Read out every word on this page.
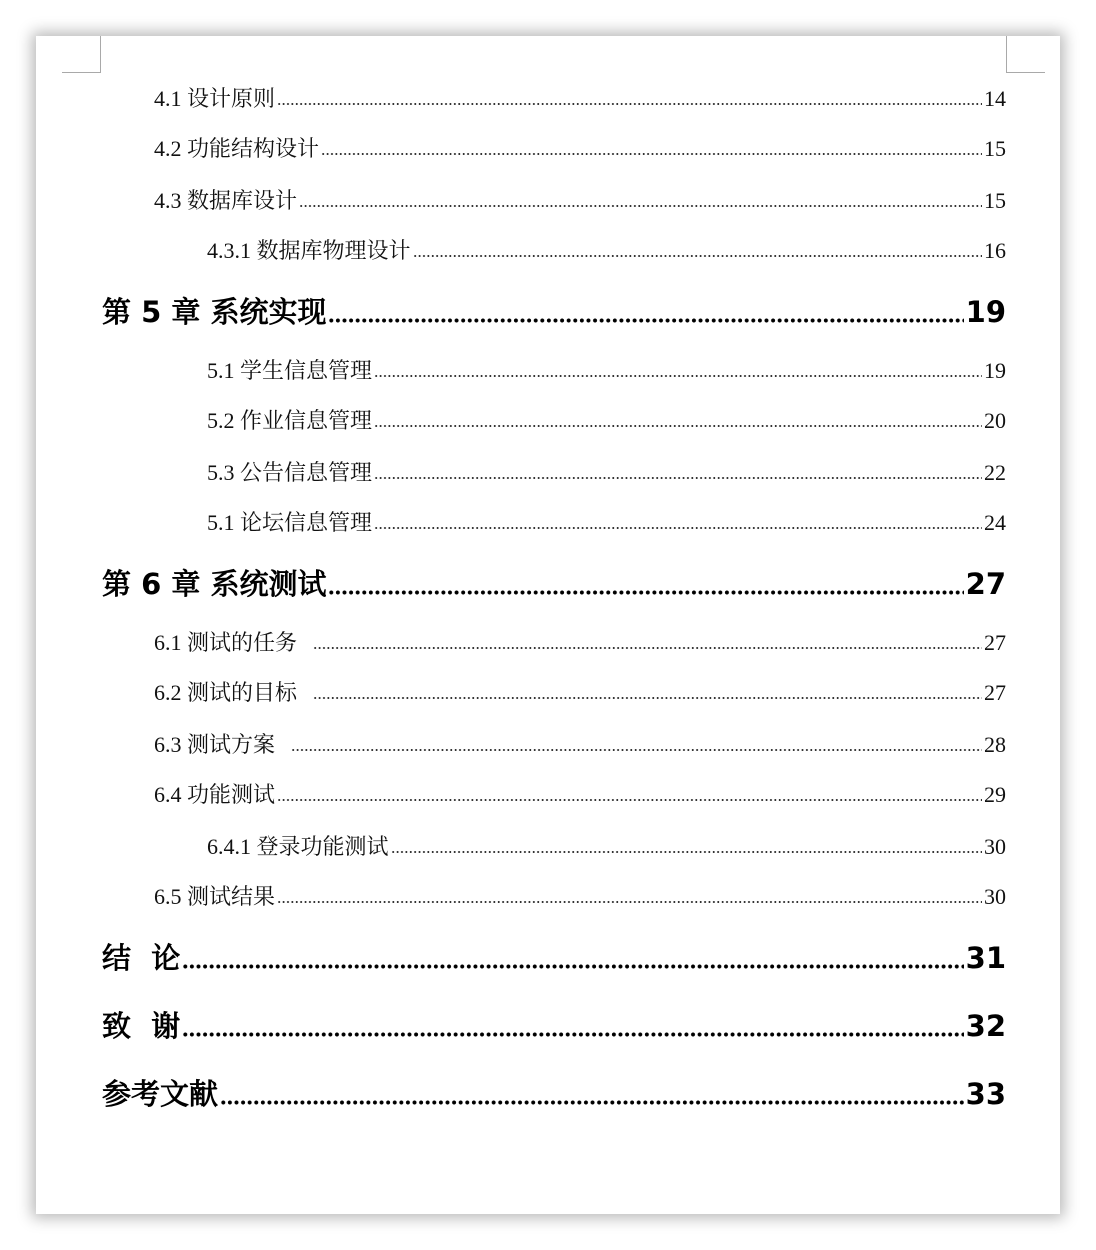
4.1 设计原则	14
4.2 功能结构设计	15
4.3 数据库设计	15
4.3.1 数据库物理设计	16
第 5 章 系统实现	19
5.1 学生信息管理	19
5.2 作业信息管理	20
5.3 公告信息管理	22
5.1 论坛信息管理	24
第 6 章 系统测试	27
6.1 测试的任务	27
6.2 测试的目标	27
6.3 测试方案	28
6.4 功能测试	29
6.4.1 登录功能测试	30
6.5 测试结果	30
结  论	31
致  谢	32
参考文献	33
